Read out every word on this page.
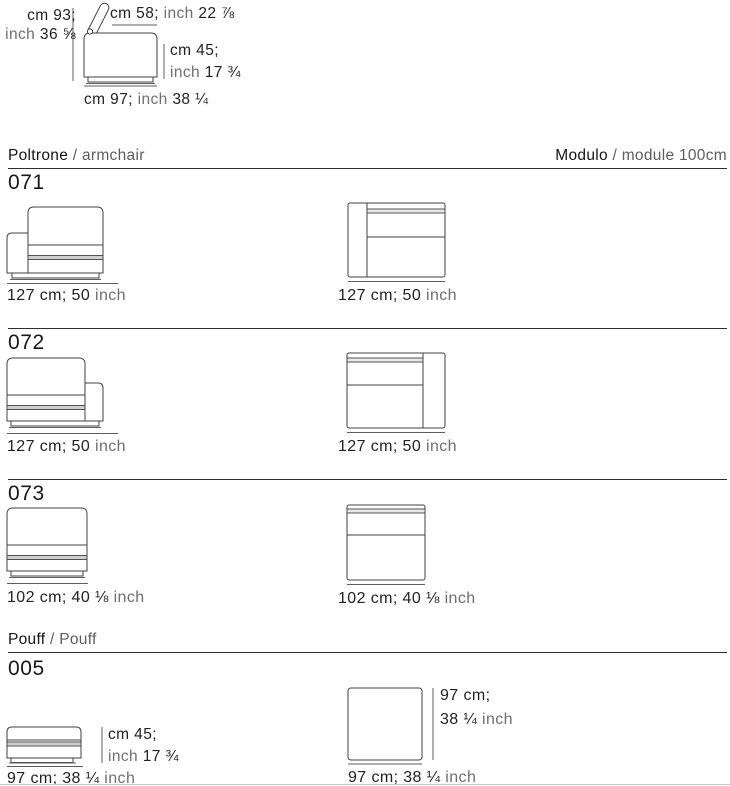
cm 93;
inch 36 ⅝
cm 58; inch 22 ⅞
cm 45;
inch 17 ¾
cm 97; inch 38 ¼
Poltrone / armchair	Modulo / module 100cm
071
127 cm; 50 inch	127 cm; 50 inch
072
127 cm; 50 inch	127 cm; 50 inch
073
102 cm; 40 ⅛ inch	102 cm; 40 ⅛ inch
Pouff / Pouff
005
cm 45;
inch 17 ¾
97 cm; 38 ¼ inch
97 cm;
38 ¼ inch
97 cm; 38 ¼ inch
